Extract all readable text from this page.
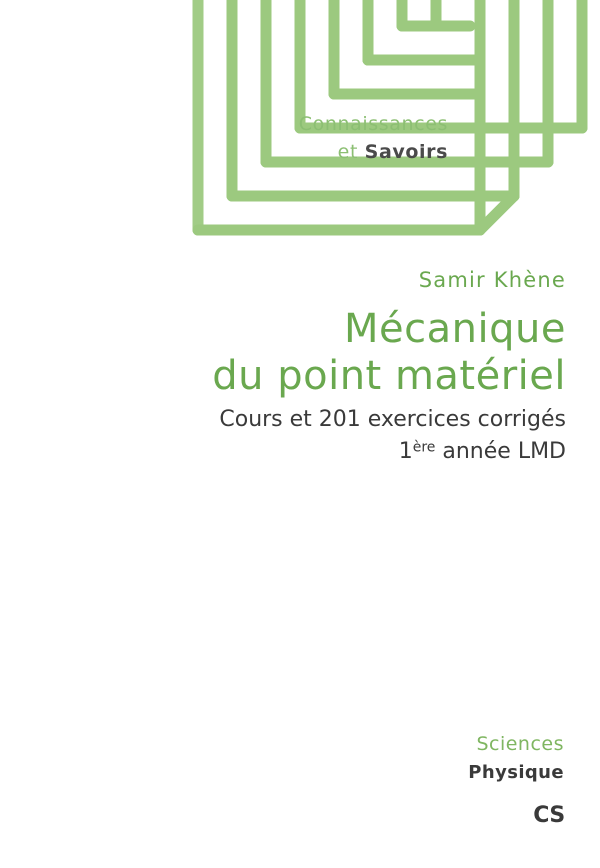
Connaissances
et Savoirs
Samir Khène
Mécanique
du point matériel
Cours et 201 exercices corrigés
1ère année LMD
Sciences
Physique
CS
